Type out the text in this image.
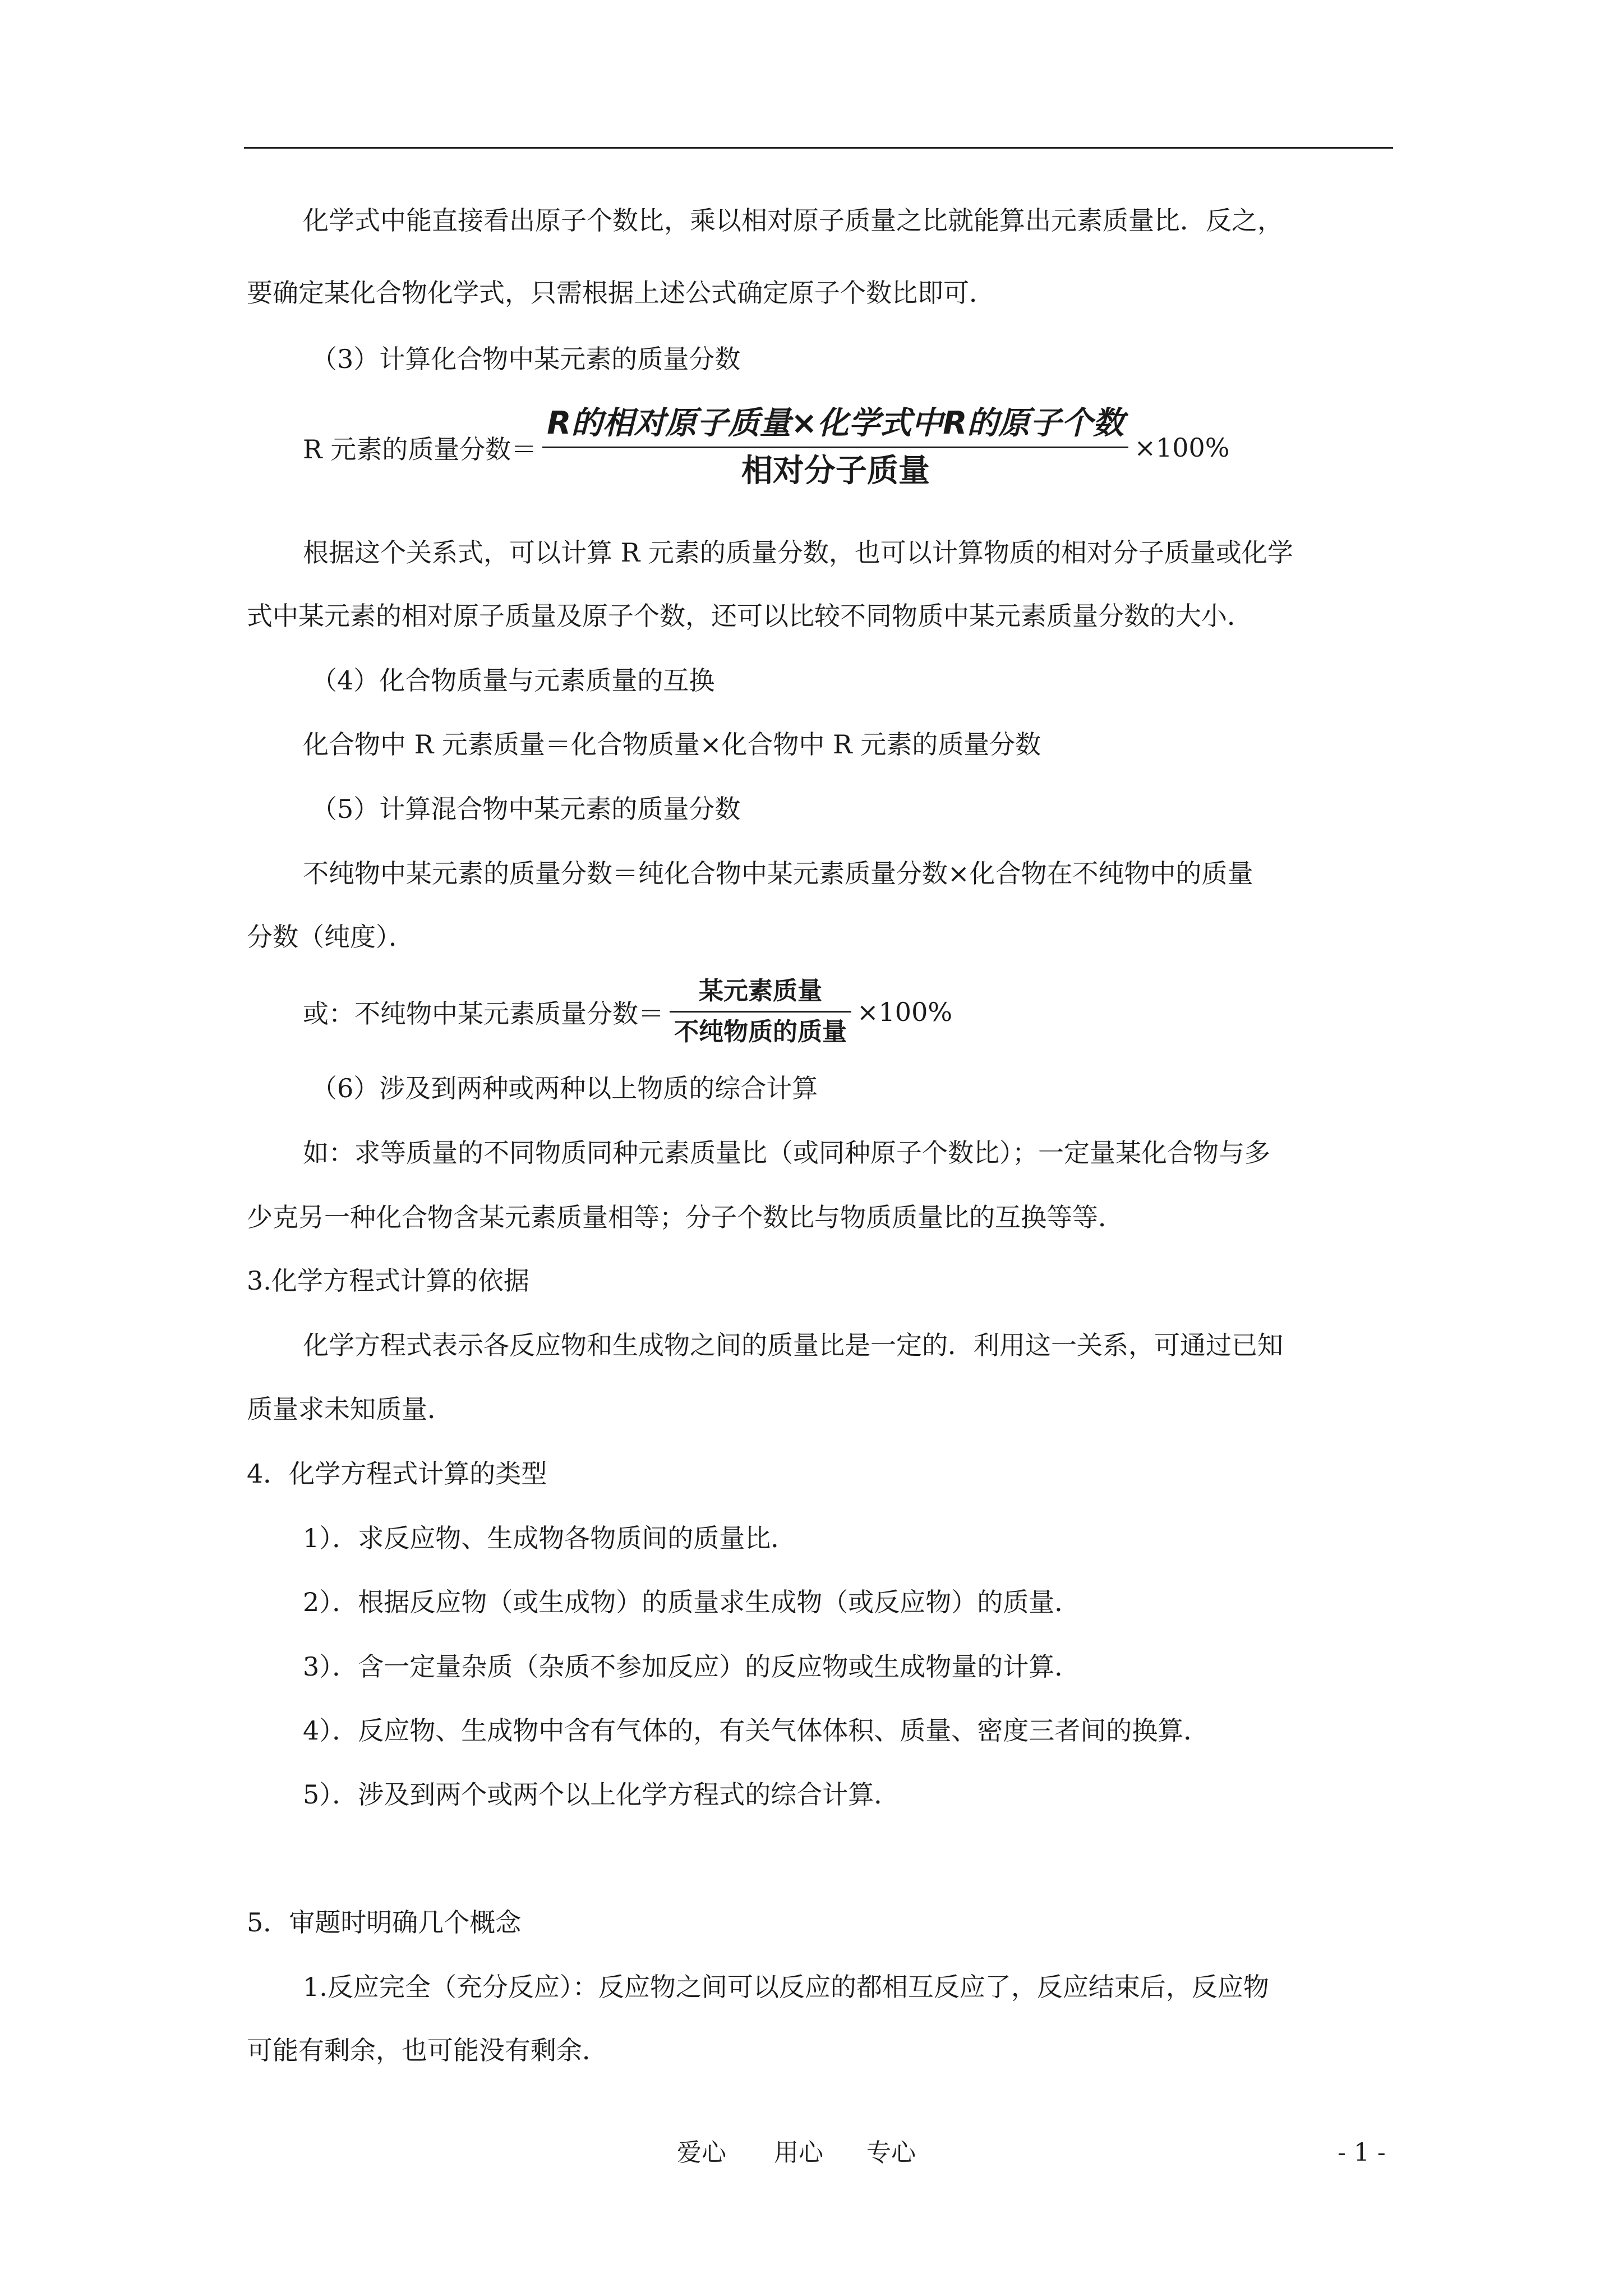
化学式中能直接看出原子个数比，乘以相对原子质量之比就能算出元素质量比．反之，
要确定某化合物化学式，只需根据上述公式确定原子个数比即可．
（3）计算化合物中某元素的质量分数
R 元素的质量分数＝ $\frac{\text{R的相对原子质量×化学式中R的原子个数}}{\text{相对分子质量}} \times 100\%$
根据这个关系式，可以计算 R 元素的质量分数，也可以计算物质的相对分子质量或化学
式中某元素的相对原子质量及原子个数，还可以比较不同物质中某元素质量分数的大小．
（4）化合物质量与元素质量的互换
化合物中 R 元素质量＝化合物质量×化合物中 R 元素的质量分数
（5）计算混合物中某元素的质量分数
不纯物中某元素的质量分数＝纯化合物中某元素质量分数×化合物在不纯物中的质量
分数（纯度）．
或：不纯物中某元素质量分数＝ $\frac{\text{某元素质量}}{\text{不纯物质的质量}} \times 100\%$
（6）涉及到两种或两种以上物质的综合计算
如：求等质量的不同物质同种元素质量比（或同种原子个数比）；一定量某化合物与多
少克另一种化合物含某元素质量相等；分子个数比与物质质量比的互换等等．
3.化学方程式计算的依据
化学方程式表示各反应物和生成物之间的质量比是一定的．利用这一关系，可通过已知
质量求未知质量．
4．化学方程式计算的类型
1）．求反应物、生成物各物质间的质量比．
2）．根据反应物（或生成物）的质量求生成物（或反应物）的质量．
3）．含一定量杂质（杂质不参加反应）的反应物或生成物量的计算．
4）．反应物、生成物中含有气体的，有关气体体积、质量、密度三者间的换算．
5）．涉及到两个或两个以上化学方程式的综合计算．
5．审题时明确几个概念
1.反应完全（充分反应）：反应物之间可以反应的都相互反应了，反应结束后，反应物
可能有剩余，也可能没有剩余．
爱心 用心 专心	- 1 -
